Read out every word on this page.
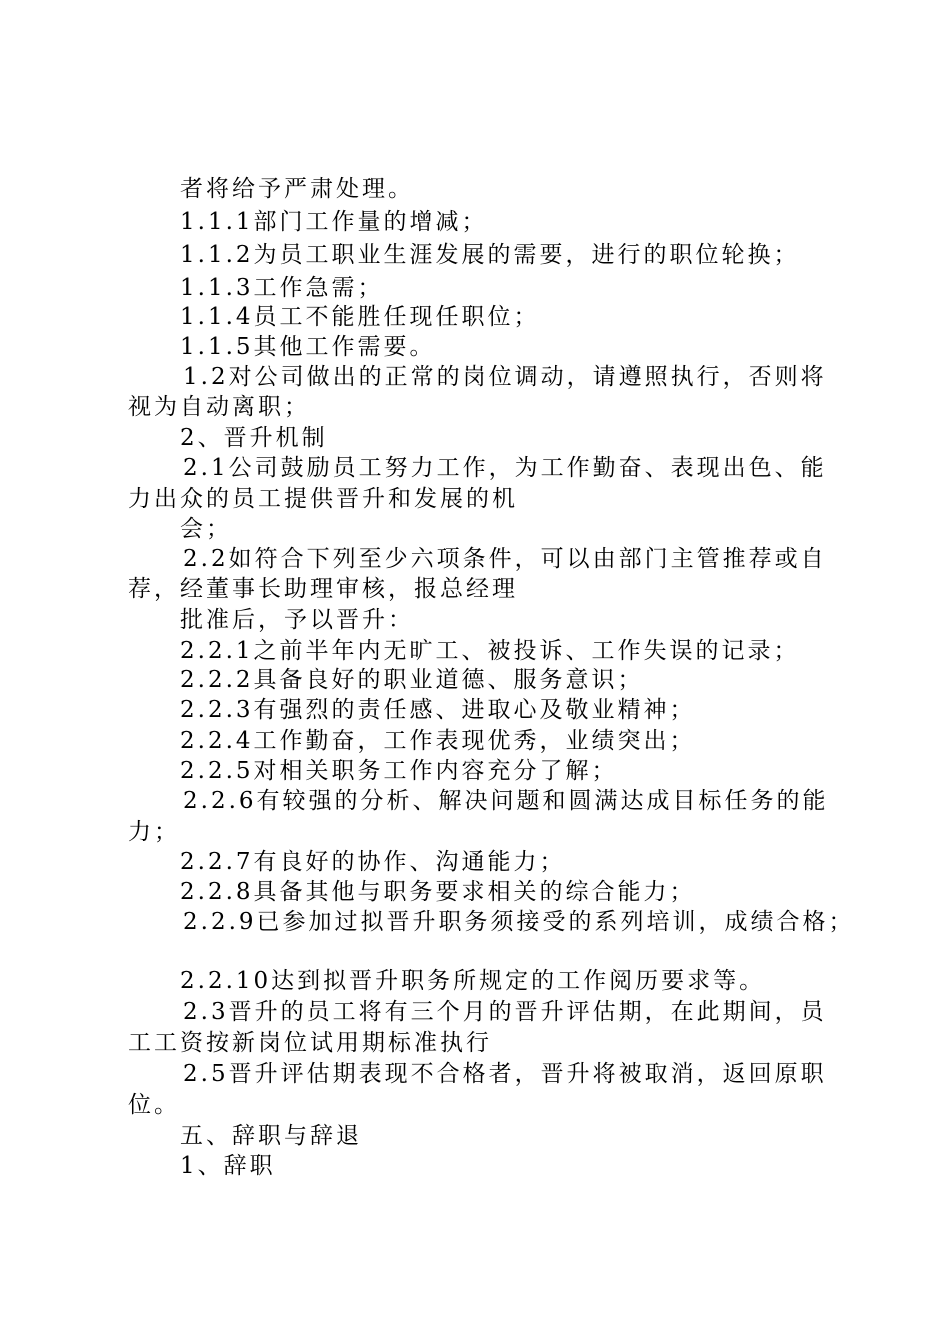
者将给予严肃处理。
1.1.1部门工作量的增减；
1.1.2为员工职业生涯发展的需要，进行的职位轮换；
1.1.3工作急需；
1.1.4员工不能胜任现任职位；
1.1.5其他工作需要。
1.2对公司做出的正常的岗位调动，请遵照执行，否则将
视为自动离职；
2、晋升机制
2.1公司鼓励员工努力工作，为工作勤奋、表现出色、能
力出众的员工提供晋升和发展的机
会；
2.2如符合下列至少六项条件，可以由部门主管推荐或自
荐，经董事长助理审核，报总经理
批准后，予以晋升：
2.2.1之前半年内无旷工、被投诉、工作失误的记录；
2.2.2具备良好的职业道德、服务意识；
2.2.3有强烈的责任感、进取心及敬业精神；
2.2.4工作勤奋，工作表现优秀，业绩突出；
2.2.5对相关职务工作内容充分了解；
2.2.6有较强的分析、解决问题和圆满达成目标任务的能
力；
2.2.7有良好的协作、沟通能力；
2.2.8具备其他与职务要求相关的综合能力；
2.2.9已参加过拟晋升职务须接受的系列培训，成绩合格；
2.2.10达到拟晋升职务所规定的工作阅历要求等。
2.3晋升的员工将有三个月的晋升评估期，在此期间，员
工工资按新岗位试用期标准执行
2.5晋升评估期表现不合格者，晋升将被取消，返回原职
位。
五、辞职与辞退
1、辞职
